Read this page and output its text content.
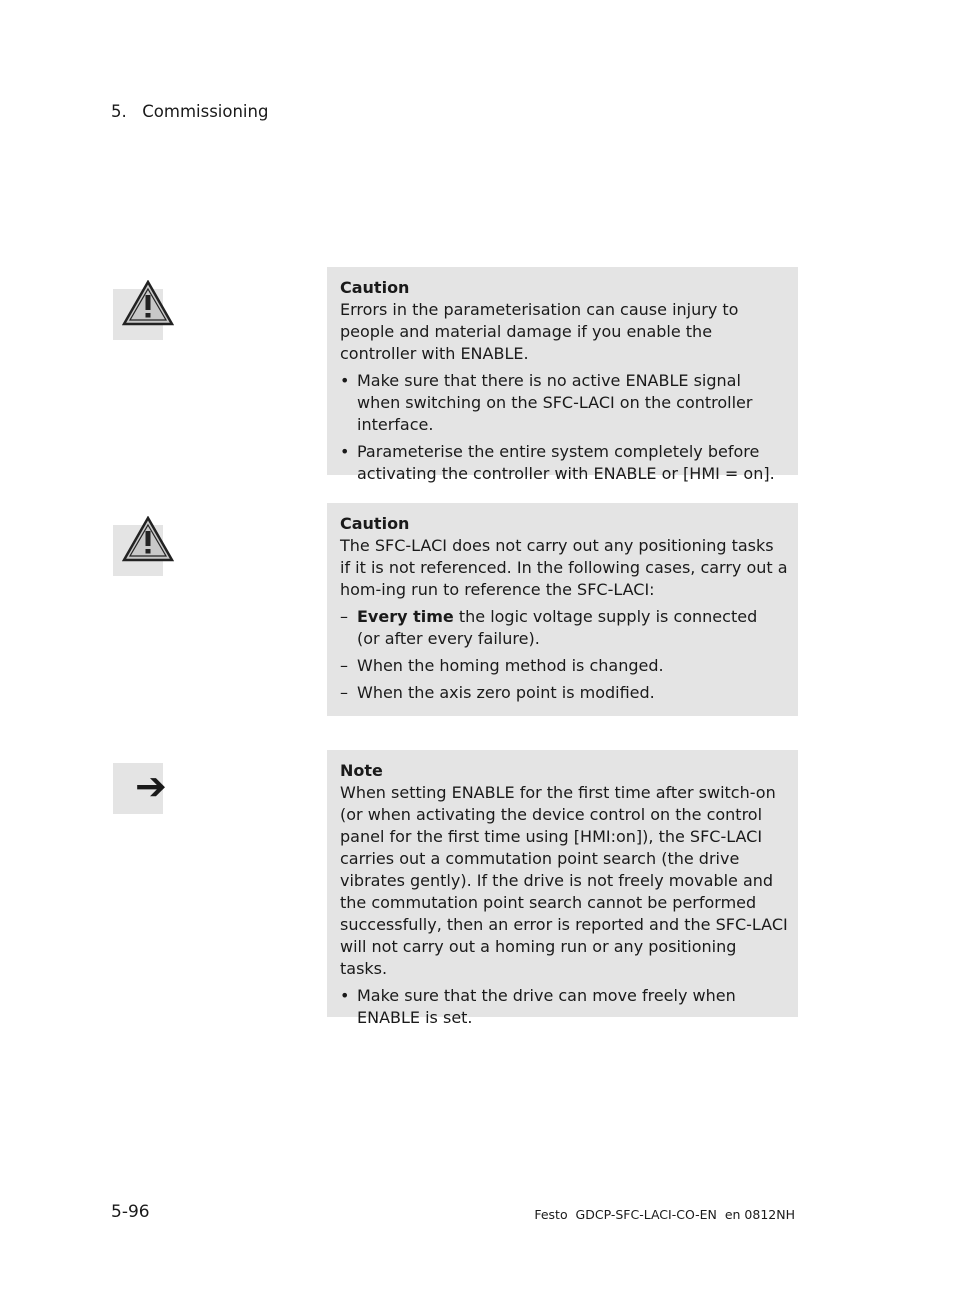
5. Commissioning
Caution

Errors in the parameterisation can cause injury to people and material damage if you enable the controller with ENABLE.

• Make sure that there is no active ENABLE signal when switching on the SFC-LACI on the controller interface.
• Parameterise the entire system completely before activating the controller with ENABLE or [HMI = on].
Caution

The SFC-LACI does not carry out any positioning tasks if it is not referenced. In the following cases, carry out a hom-ing run to reference the SFC-LACI:

– Every time the logic voltage supply is connected
(or after every failure).
– When the homing method is changed.
– When the axis zero point is modified.
➔	Note

When setting ENABLE for the first time after switch-on (or when activating the device control on the control panel for the first time using [HMI:on]), the SFC-LACI carries out a commutation point search (the drive vibrates gently). If the drive is not freely movable and the commutation point search cannot be performed successfully, then an error is reported and the SFC-LACI will not carry out a homing run or any positioning tasks.

• Make sure that the drive can move freely when ENABLE is set.
5-96	Festo  GDCP-SFC-LACI-CO-EN  en 0812NH
